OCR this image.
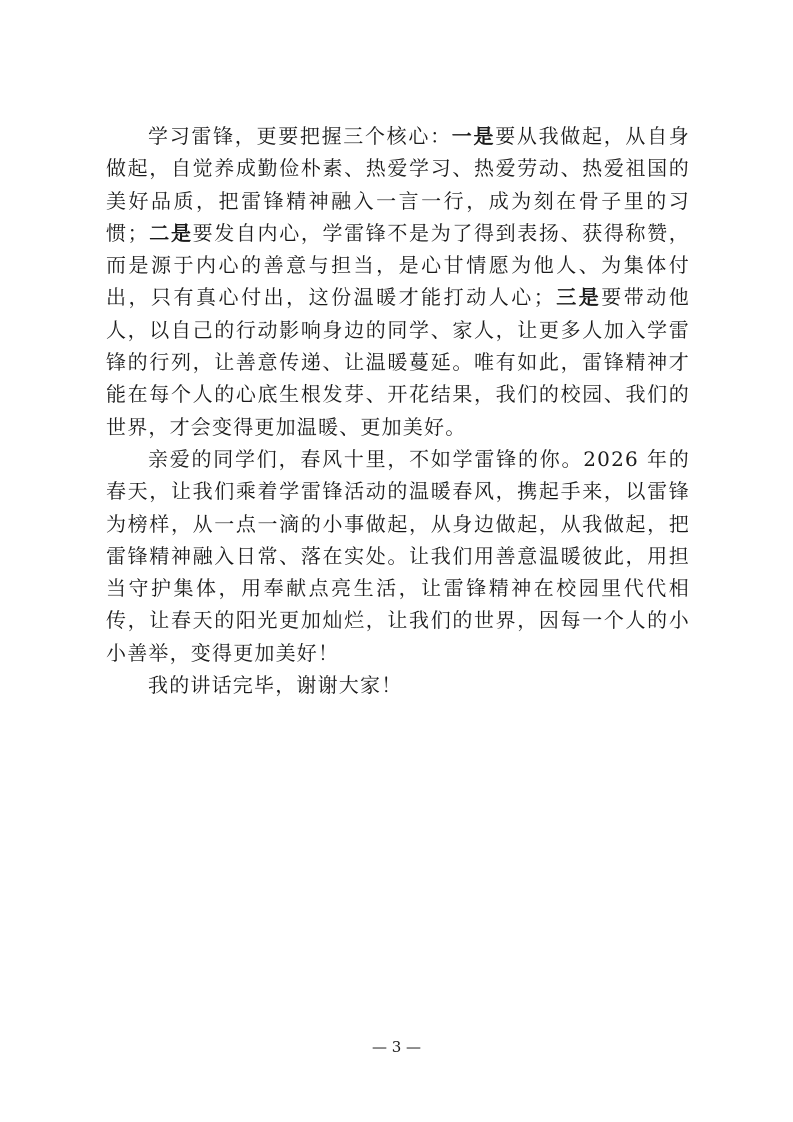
学习雷锋，更要把握三个核心：一是要从我做起，从自身做起，自觉养成勤俭朴素、热爱学习、热爱劳动、热爱祖国的美好品质，把雷锋精神融入一言一行，成为刻在骨子里的习惯；二是要发自内心，学雷锋不是为了得到表扬、获得称赞，而是源于内心的善意与担当，是心甘情愿为他人、为集体付出，只有真心付出，这份温暖才能打动人心；三是要带动他人，以自己的行动影响身边的同学、家人，让更多人加入学雷锋的行列，让善意传递、让温暖蔓延。唯有如此，雷锋精神才能在每个人的心底生根发芽、开花结果，我们的校园、我们的世界，才会变得更加温暖、更加美好。

亲爱的同学们，春风十里，不如学雷锋的你。2026 年的春天，让我们乘着学雷锋活动的温暖春风，携起手来，以雷锋为榜样，从一点一滴的小事做起，从身边做起，从我做起，把雷锋精神融入日常、落在实处。让我们用善意温暖彼此，用担当守护集体，用奉献点亮生活，让雷锋精神在校园里代代相传，让春天的阳光更加灿烂，让我们的世界，因每一个人的小小善举，变得更加美好！

我的讲话完毕，谢谢大家！

— 3 —
